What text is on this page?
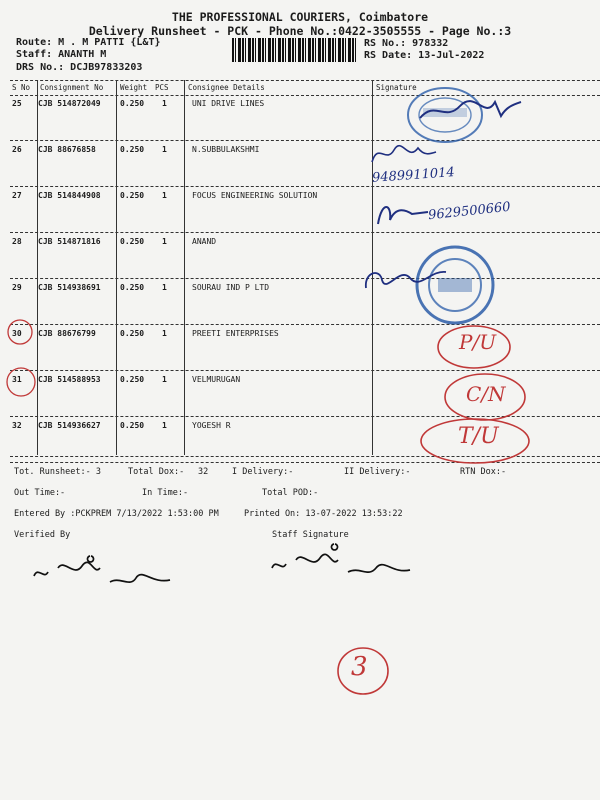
THE PROFESSIONAL COURIERS, Coimbatore
Delivery Runsheet - PCK - Phone No.:0422-3505555 - Page No.:3
Route: M . M PATTI {L&T}
Staff: ANANTH M
DRS No.: DCJB97833203
RS No.: 978332
RS Date: 13-Jul-2022
S No Consignment No Weight PCS	Consignee Details	Signature
25 CJB 514872049 0.250 1	UNI DRIVE LINES
26 CJB 88676858	0.250 1	N.SUBBULAKSHMI
27 CJB 514844908 0.250 1	FOCUS ENGINEERING SOLUTION
28 CJB 514871816 0.250 1	ANAND
29 CJB 514938691 0.250 1	SOURAU IND P LTD
30 CJB 88676799	0.250 1	PREETI ENTERPRISES
31 CJB 514588953 0.250 1	VELMURUGAN
32 CJB 514936627 0.250 1	YOGESH R
Tot. Runsheet:- 3	Total Dox:- 32	I Delivery:-	II Delivery:-	RTN Dox:-
Out Time:-	In Time:-	Total POD:-
Entered By :PCKPREM 7/13/2022 1:53:00 PM	Printed On: 13-07-2022 13:53:22
Verified By	Staff Signature
9489911014
9629500660
P/U
C/N
T/U
3
